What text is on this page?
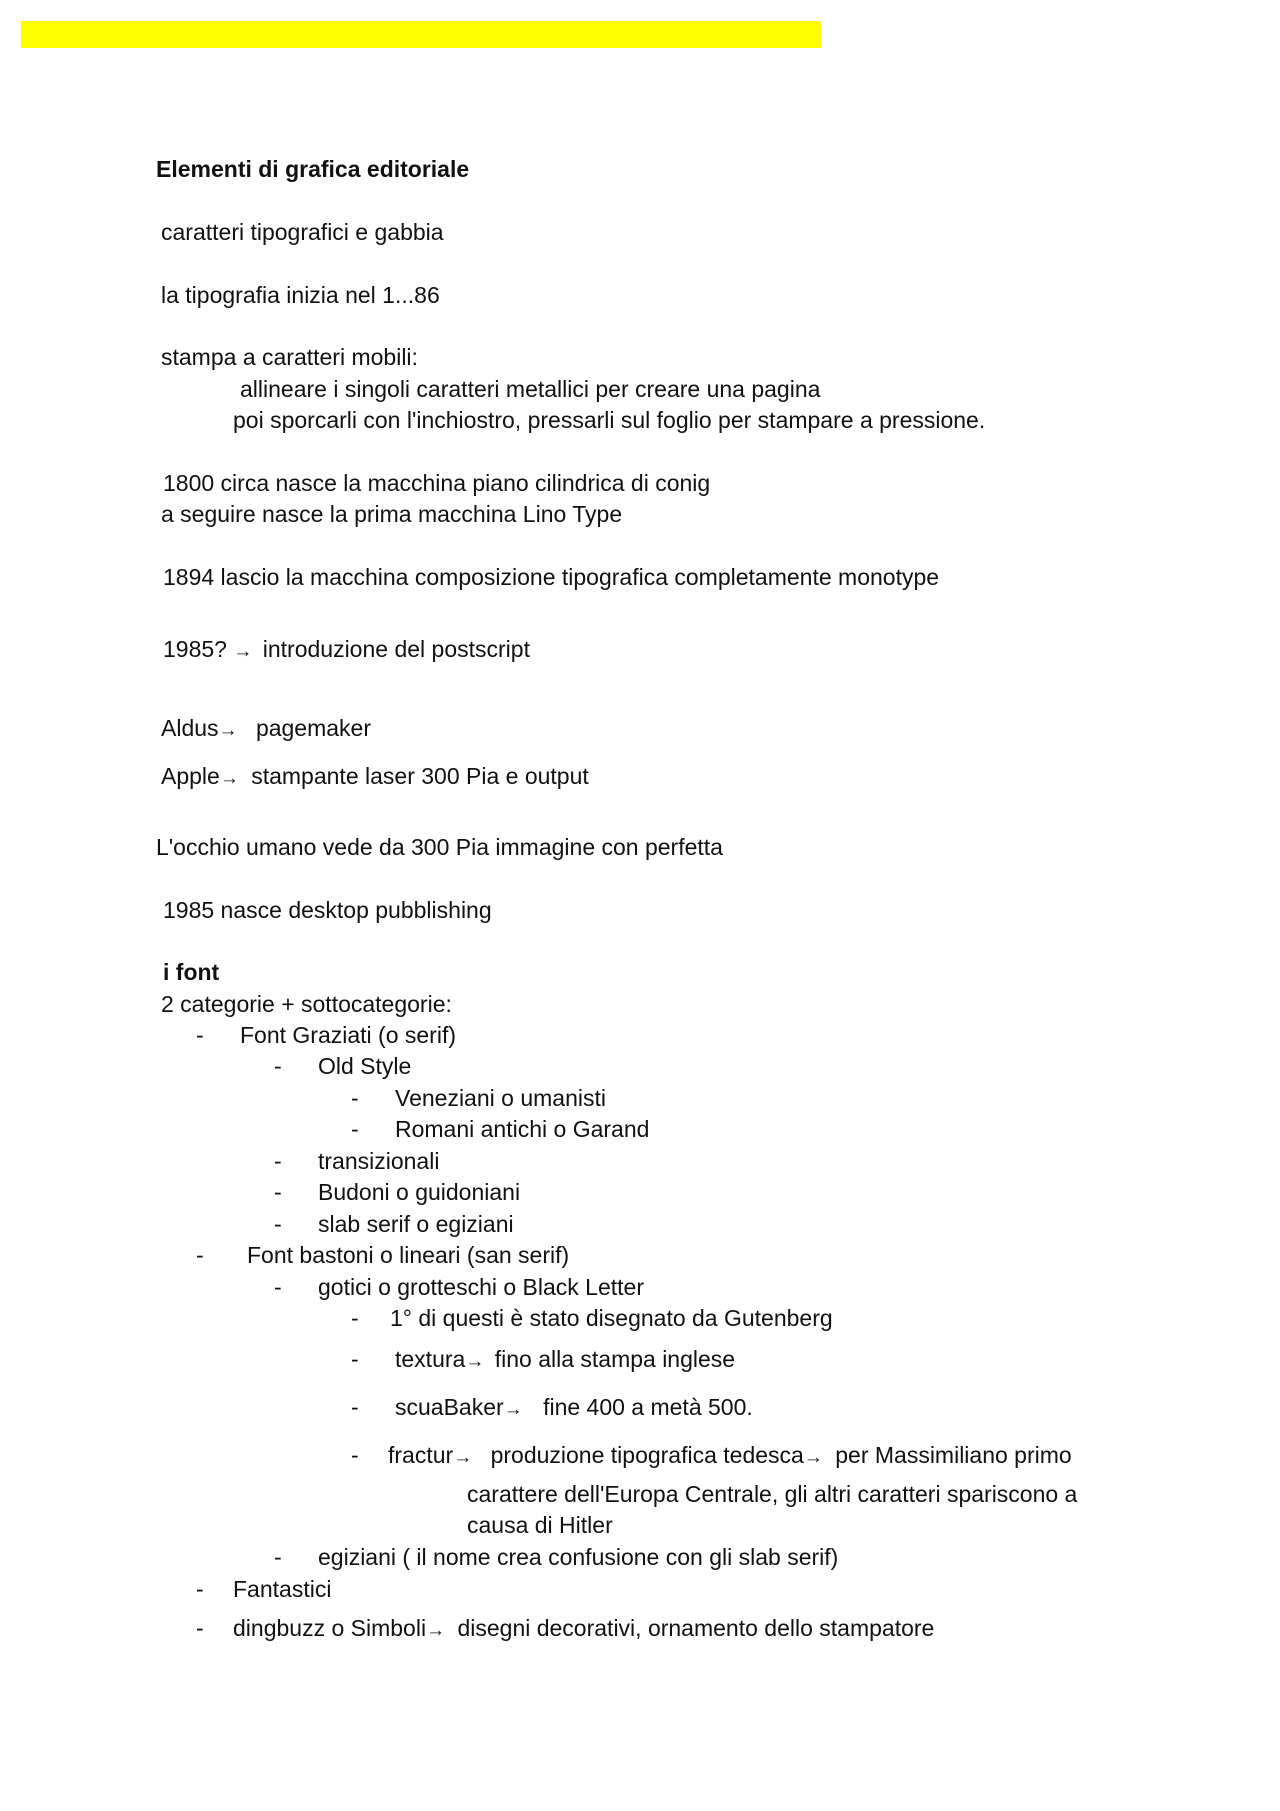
Elementi di grafica editoriale
caratteri tipografici e gabbia
la tipografia inizia nel 1...86
stampa a caratteri mobili:
allineare i singoli caratteri metallici per creare una pagina
poi sporcarli con l'inchiostro, pressarli sul foglio per stampare a pressione.
1800 circa nasce la macchina piano cilindrica di conig
a seguire nasce la prima macchina Lino Type
1894 lascio la macchina composizione tipografica completamente monotype
1985? → introduzione del postscript
Aldus→ pagemaker
Apple→ stampante laser 300 Pia e output
L'occhio umano vede da 300 Pia immagine con perfetta
1985 nasce desktop pubblishing
i font
2 categorie + sottocategorie:
- Font Graziati (o serif)
- Old Style
- Veneziani o umanisti
- Romani antichi o Garand
- transizionali
- Budoni o guidoniani
- slab serif o egiziani
- Font bastoni o lineari (san serif)
- gotici o grotteschi o Black Letter
- 1° di questi è stato disegnato da Gutenberg
- textura→ fino alla stampa inglese
- scuaBaker→ fine 400 a metà 500.
- fractur→ produzione tipografica tedesca→ per Massimiliano primo
carattere dell'Europa Centrale, gli altri caratteri spariscono a
causa di Hitler
- egiziani ( il nome crea confusione con gli slab serif)
- Fantastici
- dingbuzz o Simboli→ disegni decorativi, ornamento dello stampatore
